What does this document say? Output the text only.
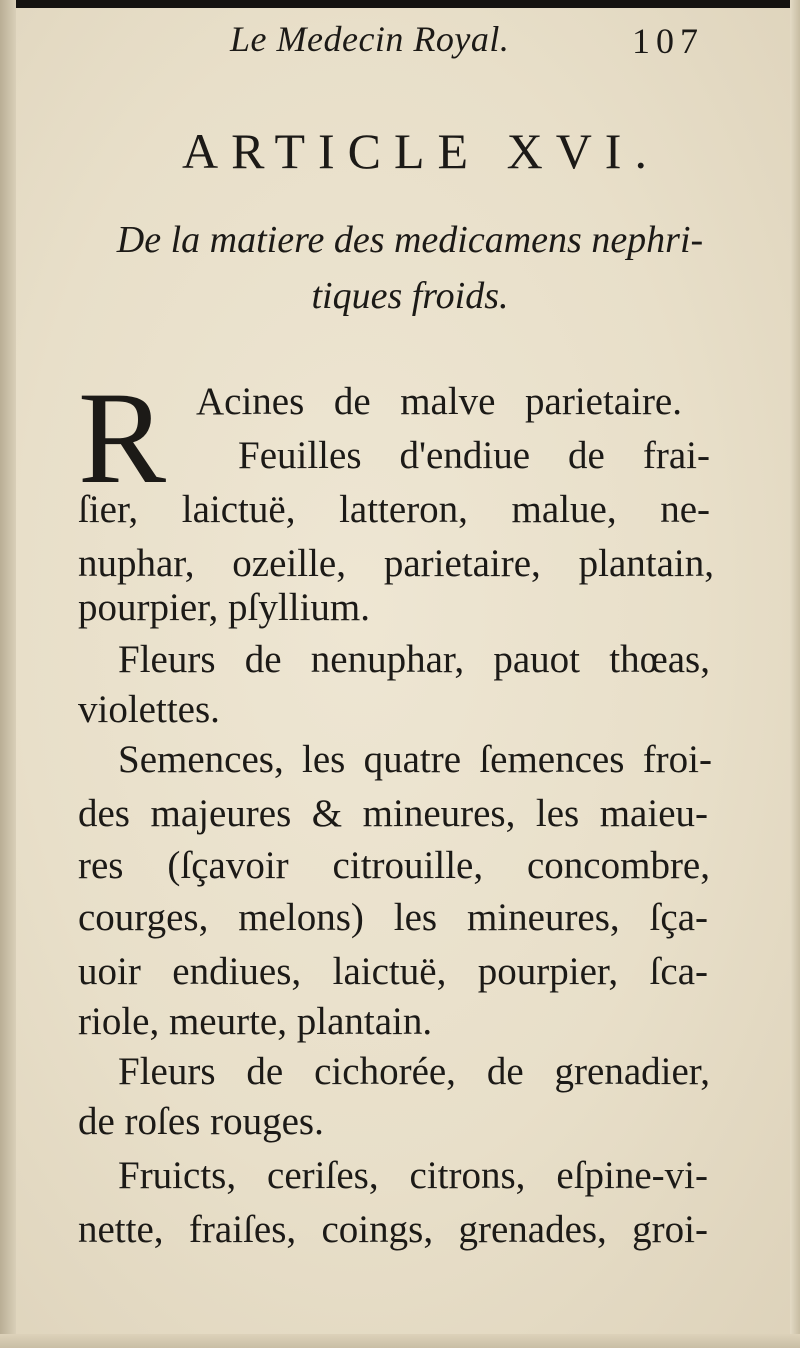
Le Medecin Royal.	107
ARTICLE XVI.
De la matiere des medicamens nephri-
tiques froids.
R Acines de malve parietaire.
Feuilles d'endiue de frai-
ſier, laictuë, latteron, malue, ne-
nuphar, ozeille, parietaire, plantain,
pourpier, pſyllium.
Fleurs de nenuphar, pauot thœas,
violettes.
Semences, les quatre ſemences froi-
des majeures & mineures, les maieu-
res (ſçavoir citrouille, concombre,
courges, melons) les mineures, ſça-
uoir endiues, laictuë, pourpier, ſca-
riole, meurte, plantain.
Fleurs de cichorée, de grenadier,
de roſes rouges.
Fruicts, ceriſes, citrons, eſpine-vi-
nette, fraiſes, coings, grenades, groi-
